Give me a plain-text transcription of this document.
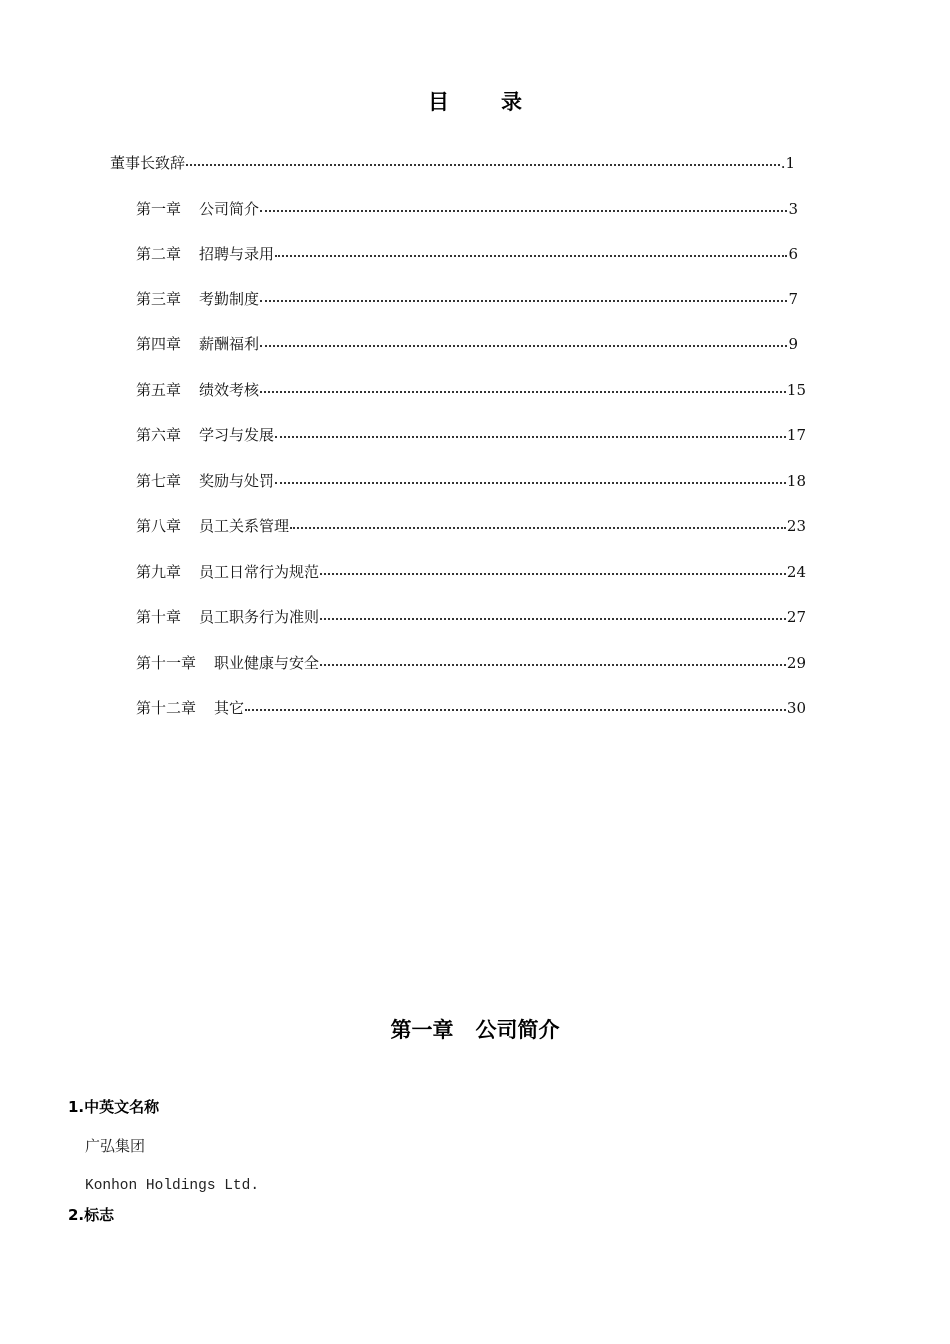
目 录
董事长致辞	.1
第一章 公司简介	3
第二章 招聘与录用	6
第三章 考勤制度	7
第四章 薪酬福利	9
第五章 绩效考核	15
第六章 学习与发展	17
第七章 奖励与处罚	18
第八章 员工关系管理	23
第九章 员工日常行为规范	24
第十章 员工职务行为准则	27
第十一章 职业健康与安全	29
第十二章 其它	30
第一章 公司简介
1.中英文名称
广弘集团
Konhon Holdings Ltd.
2.标志
